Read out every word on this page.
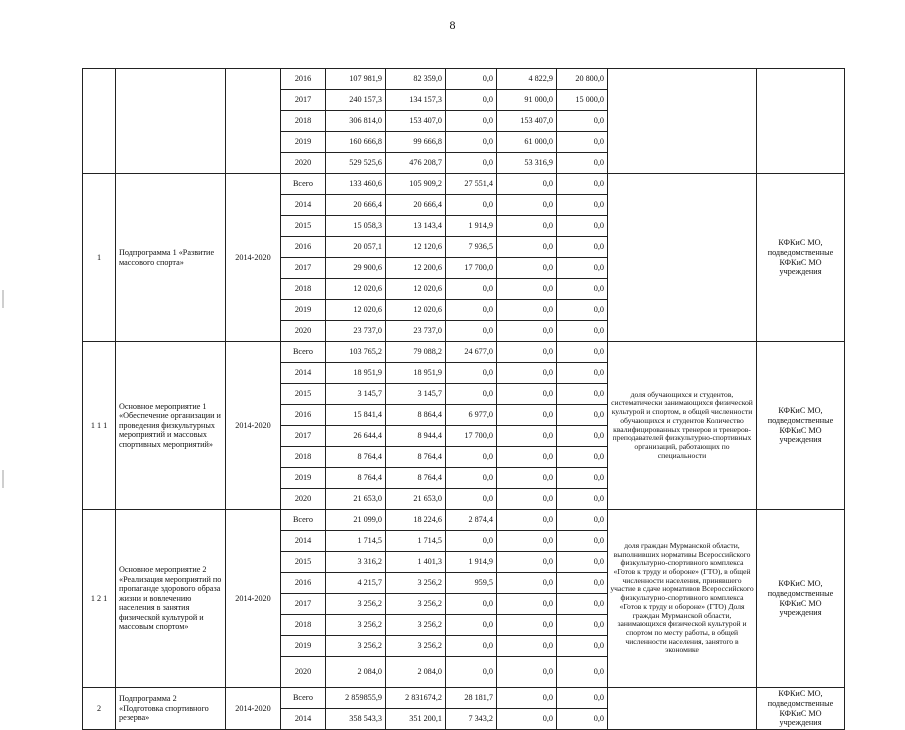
8
			2016	107 981,9	82 359,0	0,0	4 822,9	20 800,0		
			2017	240 157,3	134 157,3	0,0	91 000,0	15 000,0		
			2018	306 814,0	153 407,0	0,0	153 407,0	0,0		
			2019	160 666,8	99 666,8	0,0	61 000,0	0,0		
			2020	529 525,6	476 208,7	0,0	53 316,9	0,0		
1	Подпрограмма 1 «Развитие массового спорта»	2014-2020	Всего	133 460,6	105 909,2	27 551,4	0,0	0,0		КФКиС МО, подведомственные КФКиС МО учреждения
			2014	20 666,4	20 666,4	0,0	0,0	0,0		
			2015	15 058,3	13 143,4	1 914,9	0,0	0,0		
			2016	20 057,1	12 120,6	7 936,5	0,0	0,0		
			2017	29 900,6	12 200,6	17 700,0	0,0	0,0		
			2018	12 020,6	12 020,6	0,0	0,0	0,0		
			2019	12 020,6	12 020,6	0,0	0,0	0,0		
			2020	23 737,0	23 737,0	0,0	0,0	0,0		
1 1 1	Основное мероприятие 1 «Обеспечение организации и проведения физкультурных мероприятий и массовых спортивных мероприятий»	2014-2020	Всего	103 765,2	79 088,2	24 677,0	0,0	0,0	доля обучающихся и студентов, систематически занимающихся физической культурой и спортом, в общей численности обучающихся и студентов Количество квалифицированных тренеров и тренеров-преподавателей физкультурно-спортивных организаций, работающих по специальности	КФКиС МО, подведомственные КФКиС МО учреждения
			2014	18 951,9	18 951,9	0,0	0,0	0,0		
			2015	3 145,7	3 145,7	0,0	0,0	0,0		
			2016	15 841,4	8 864,4	6 977,0	0,0	0,0		
			2017	26 644,4	8 944,4	17 700,0	0,0	0,0		
			2018	8 764,4	8 764,4	0,0	0,0	0,0		
			2019	8 764,4	8 764,4	0,0	0,0	0,0		
			2020	21 653,0	21 653,0	0,0	0,0	0,0		
1 2 1	Основное мероприятие 2 «Реализация мероприятий по пропаганде здорового образа жизни и вовлечению населения в занятия физической культурой и массовым спортом»	2014-2020	Всего	21 099,0	18 224,6	2 874,4	0,0	0,0	доля граждан Мурманской области, выполнивших нормативы Всероссийского физкультурно-спортивного комплекса «Готов к труду и обороне» (ГТО), в общей численности населения, принявшего участие в сдаче нормативов Всероссийского физкультурно-спортивного комплекса «Готов к труду и обороне» (ГТО) Доля граждан Мурманской области, занимающихся физической культурой и спортом по месту работы, в общей численности населения, занятого в экономике	КФКиС МО, подведомственные КФКиС МО учреждения
			2014	1 714,5	1 714,5	0,0	0,0	0,0		
			2015	3 316,2	1 401,3	1 914,9	0,0	0,0		
			2016	4 215,7	3 256,2	959,5	0,0	0,0		
			2017	3 256,2	3 256,2	0,0	0,0	0,0		
			2018	3 256,2	3 256,2	0,0	0,0	0,0		
			2019	3 256,2	3 256,2	0,0	0,0	0,0		
			2020	2 084,0	2 084,0	0,0	0,0	0,0		
2	Подпрограмма 2 «Подготовка спортивного резерва»	2014-2020	Всего	2 859855,9	2 831674,2	28 181,7	0,0	0,0		КФКиС МО, подведомственные КФКиС МО учреждения
			2014	358 543,3	351 200,1	7 343,2	0,0	0,0		
